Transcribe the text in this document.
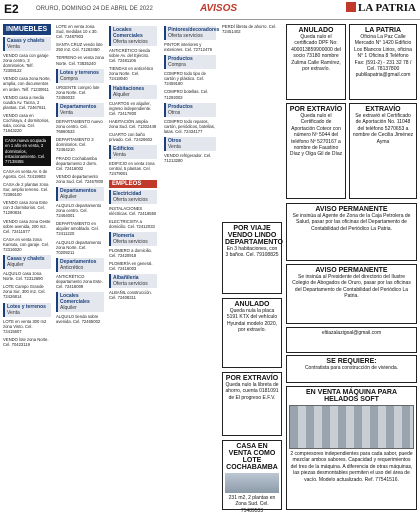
E2	ORURO, DOMINGO 24 DE ABRIL DE 2022	AVISOS	LA PATRIA
INMUEBLES
Casas y chalets
Venta
VENDO casa con garaje zona centro, 3 dormitorios. Telf. 72308122
VENDO casa zona Norte, amplia, con documentos en orden. Telf. 71230911
VENDO casa a media cuadra Av. Tacna, 2 plantas. Cel. 72467811
VENDO casa en Cochiraya, 4 dormitorios, sala, cocina. Cel. 71843220
CASA nueva ocupada en 1 año en venta, 3 dormitorios, estacionamiento. Cel. 77138455
CASA en venta Av. 6 de Agosto. Cel. 72419903
CASA de 2 plantas zona Sur, amplio terreno. Cel. 72386100
VENDO casa zona Este con 3 dormitorios. Cel. 71290834
VENDO casa zona Oeste sobre avenida, 200 m2. Cel. 72411577
CASA en venta zona Kantuta, con garaje. Cel. 72316020
Casas y chalets
Alquiler
ALQUILO casa zona Norte. Cel. 72312690
LOTE Campo Grande zona Sur, 300 m2. Cel. 72426814
Lotes y terrenos
Venta
LOTE en venta 300 m2 zona Vinto. Cel. 72415607
VENDO lote zona Norte. Cel. 70423119
LOTE en venta zona Sud, medidas 10 x 30. Cel. 72487903
SANTA CRUZ vendo lote 250 m2. Cel. 71282450
TERRENO en venta zona Norte. Cel. 73835240
Lotes y terrenos
Compra
URGENTE compro lote zona Norte. Cel. 72456033
Departamentos
Venta
DEPARTAMENTO nuevo zona centro. Cel. 76860533
DEPARTAMENTO 3 dormitorios. Cel. 72464210
PRADO Cochabamba departamento 2 dorm. Cel. 72416002
VENDO departamento zona Sud. Cel. 72467800
Departamentos
Alquiler
ALQUILO departamento zona centro. Cel. 72464001
DEPARTAMENTO en alquiler amoblado. Cel. 72411220
ALQUILO departamento zona Norte. Cel. 70209211
Departamentos
Anticrético
ANTICRÉTICO departamento zona Este. Cel. 72416009
Locales Comerciales
Alquiler
ALQUILO tienda sobre avenida. Cel. 72465002
Locales Comerciales
Oferta servicios
ANTICRÉTICO tienda sobre Av. del Ejército. Cel. 72481106
TIENDAS en anticrético zona Norte. Cel. 72418040
Habitaciones
Alquiler
CUARTOS en alquiler, ingreso independiente. Cel. 72417800
HABITACIÓN amplia zona Sud. Cel. 71302449
CUARTO con baño privado. Cel. 72426602
Edificios
Venta
EDIFICIO en venta zona central, 5 plantas. Cel. 72479001
EMPLEOS
Electricidad
Oferta servicios
INSTALACIONES eléctricas. Cel. 72416550
ELECTRICISTA a domicilio. Cel. 72412033
Plomería
Oferta servicios
PLOMERO a domicilio. Cel. 72420918
PLOMERÍA en general. Cel. 72416003
Albañilería
Oferta servicios
ALBAÑIL construcción. Cel. 72408311
Pintores/decoradores
Oferta servicios
PINTOR interiores y exteriores. Cel. 72712479
Productos
Compra
COMPRO todo tipo de cartón y plástico. Cel. 72459180
COMPRO botellas. Cel. 71292002
Productos
Otros
COMPRO todo reparos, cartón, periódicos, botellas, latas. Cel. 72434177
Otros
Venta
VENDO refrigerador. Cel. 71213280
PERDÍ libreta de ahorro. Cel. 72451402	ANULADO
Queda nulo el certificado DPF No: 400013859900000 del socio 73180 nombre Zulima Calle Ramírez, por extravío.
LA PATRIA
Oficina La Paz Calle Mercado N° 1420 Edificio Los Blancos Lirios, oficina N° 1 Oficina 8 Teléfono Fax: (591-2) - 231 32 78 / Cel. 78137800 publilapatria@gmail.com
POR EXTRAVÍO
Queda nulo el Certificado de Aportación Coteor con número Nº 5044 del teléfono Nº 5270167 a nombre de Faustino Díaz y Olga Gil de Díaz
EXTRAVÍO
Se extravió el Certificado de Aportación No. 11048 del teléfono 5270653 a nombre de Cecilia Jiménez Ayma
AVISO PERMANENTE
Se insinúa al Agente de Zona de la Caja Petrolera de Salud, pasar por las oficinas del Departamento de Contabilidad del Periódico La Patria.
AVISO PERMANENTE
Se insinúa al Presidente del directorio del Ilustre Colegio de Abogados de Oruro, pasar por las oficinas del Departamento de Contabilidad del Periódico La Patria.
eltiazalazigoal@gmail.com
SE REQUIERE:
Contratista para construcción de vivienda.
EN VENTA MÁQUINA PARA HELADOS SOFT
2 compresores independientes para cada sabor, puede mezclar ambos sabores. Capacidad y requerimientos del tres de la máquina. A diferencia de otras máquinas, las piezas desmontables permiten el uso del área de vacío. Modelo actualizado. Ref. 77541516.
POR VIAJE VENDO LINDO DEPARTAMENTO
En 3 habitaciones, con 3 baños. Cel. 79108825
ANULADO
Queda nula la placa 5191 KTX del vehículo Hyundai modelo 2020, por extravío.
POR EXTRAVÍO
Queda nulo la libreta de ahorro, cuenta 0181091 de El progreso E.F.V.
CASA EN VENTA COMO LOTE COCHABAMBA
231 m2, 2 plantas en Zona Sud. Cel. 71489533
